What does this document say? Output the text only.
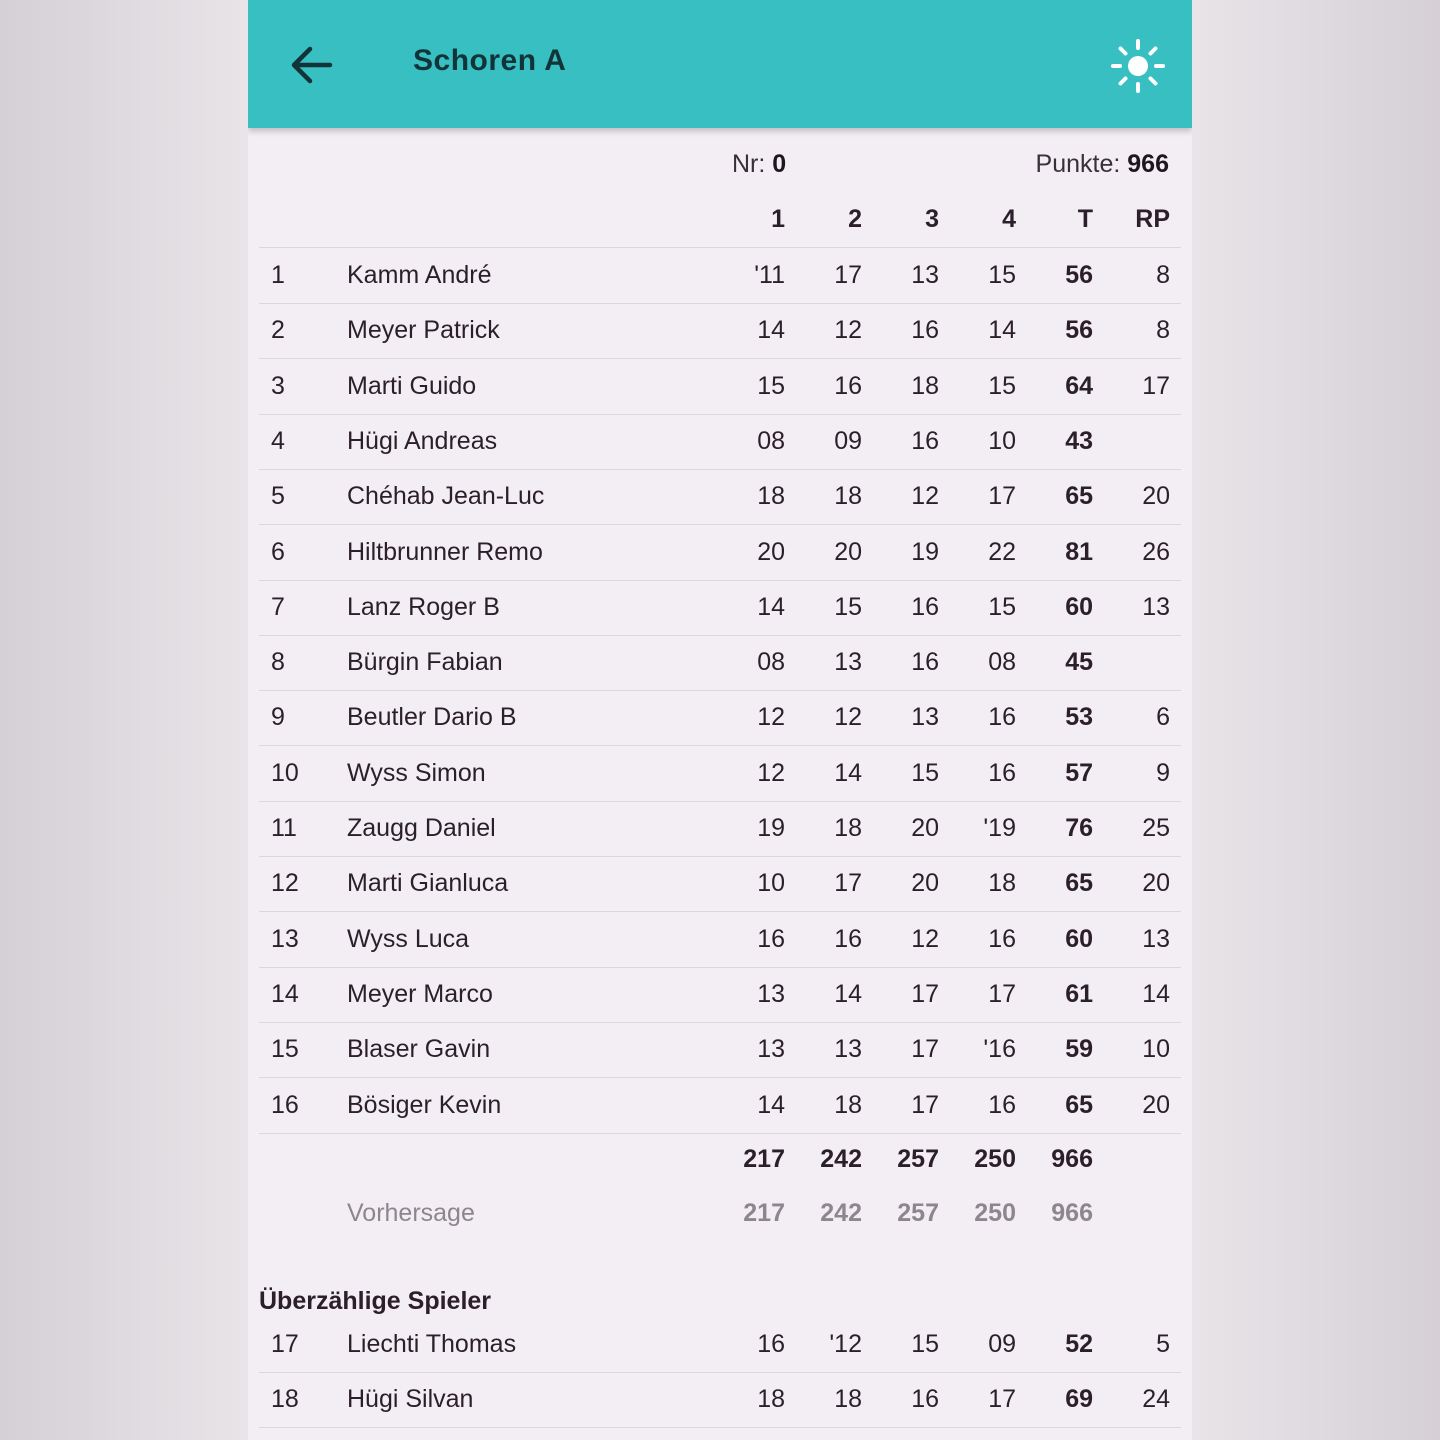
Schoren A
Nr: 0	Punkte: 966
1	2	3	4 T RP
1	Kamm André	'11 17 13 15 56	8
2	Meyer Patrick	14 12 16 14 56	8
3	Marti Guido	15 16 18 15 64 17
4	Hügi Andreas	08 09 16 10 43
5	Chéhab Jean-Luc	18 18 12 17 65 20
6	Hiltbrunner Remo	20 20 19 22 81 26
7	Lanz Roger B	14 15 16 15 60 13
8	Bürgin Fabian	08 13 16 08 45
9	Beutler Dario B	12 12 13 16 53	6
10	Wyss Simon	12 14 15 16 57	9
11	Zaugg Daniel	19 18 20 '19 76 25
12	Marti Gianluca	10 17 20 18 65 20
13	Wyss Luca	16 16 12 16 60 13
14	Meyer Marco	13 14 17 17 61 14
15	Blaser Gavin	13 13 17 '16 59 10
16	Bösiger Kevin	14 18 17 16 65 20
217 242 257 250 966
Vorhersage	217 242 257 250 966
Überzählige Spieler
17	Liechti Thomas	16 '12 15 09 52	5
18	Hügi Silvan	18 18 16 17 69 24
